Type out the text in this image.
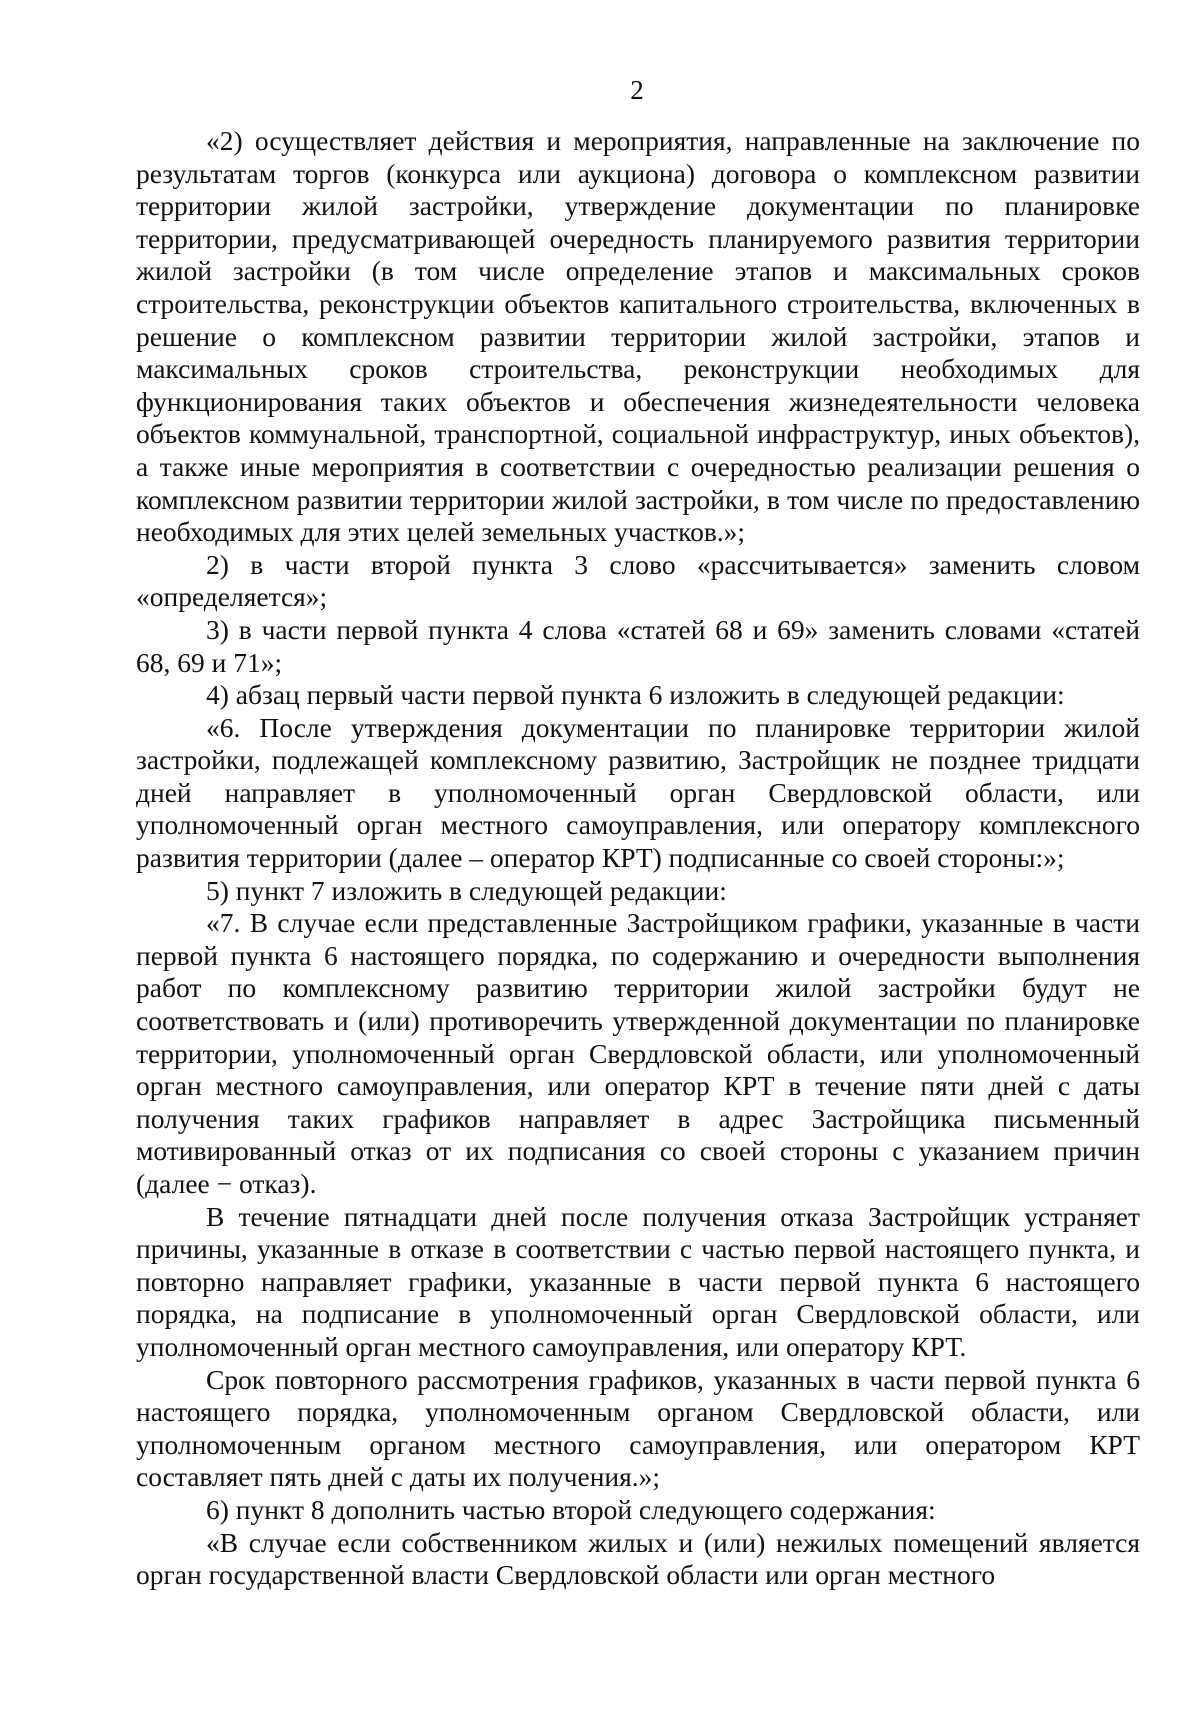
2

«2) осуществляет действия и мероприятия, направленные на заключение по результатам торгов (конкурса или аукциона) договора о комплексном развитии территории жилой застройки, утверждение документации по планировке территории, предусматривающей очередность планируемого развития территории жилой застройки (в том числе определение этапов и максимальных сроков строительства, реконструкции объектов капитального строительства, включенных в решение о комплексном развитии территории жилой застройки, этапов и максимальных сроков строительства, реконструкции необходимых для функционирования таких объектов и обеспечения жизнедеятельности человека объектов коммунальной, транспортной, социальной инфраструктур, иных объектов), а также иные мероприятия в соответствии с очередностью реализации решения о комплексном развитии территории жилой застройки, в том числе по предоставлению необходимых для этих целей земельных участков.»;

2) в части второй пункта 3 слово «рассчитывается» заменить словом «определяется»;

3) в части первой пункта 4 слова «статей 68 и 69» заменить словами «статей 68, 69 и 71»;

4) абзац первый части первой пункта 6 изложить в следующей редакции:

«6. После утверждения документации по планировке территории жилой застройки, подлежащей комплексному развитию, Застройщик не позднее тридцати дней направляет в уполномоченный орган Свердловской области, или уполномоченный орган местного самоуправления, или оператору комплексного развития территории (далее – оператор КРТ) подписанные со своей стороны:»;

5) пункт 7 изложить в следующей редакции:

«7. В случае если представленные Застройщиком графики, указанные в части первой пункта 6 настоящего порядка, по содержанию и очередности выполнения работ по комплексному развитию территории жилой застройки будут не соответствовать и (или) противоречить утвержденной документации по планировке территории, уполномоченный орган Свердловской области, или уполномоченный орган местного самоуправления, или оператор КРТ в течение пяти дней с даты получения таких графиков направляет в адрес Застройщика письменный мотивированный отказ от их подписания со своей стороны с указанием причин (далее − отказ).

В течение пятнадцати дней после получения отказа Застройщик устраняет причины, указанные в отказе в соответствии с частью первой настоящего пункта, и повторно направляет графики, указанные в части первой пункта 6 настоящего порядка, на подписание в уполномоченный орган Свердловской области, или уполномоченный орган местного самоуправления, или оператору КРТ.

Срок повторного рассмотрения графиков, указанных в части первой пункта 6 настоящего порядка, уполномоченным органом Свердловской области, или уполномоченным органом местного самоуправления, или оператором КРТ составляет пять дней с даты их получения.»;

6) пункт 8 дополнить частью второй следующего содержания:

«В случае если собственником жилых и (или) нежилых помещений является орган государственной власти Свердловской области или орган местного
